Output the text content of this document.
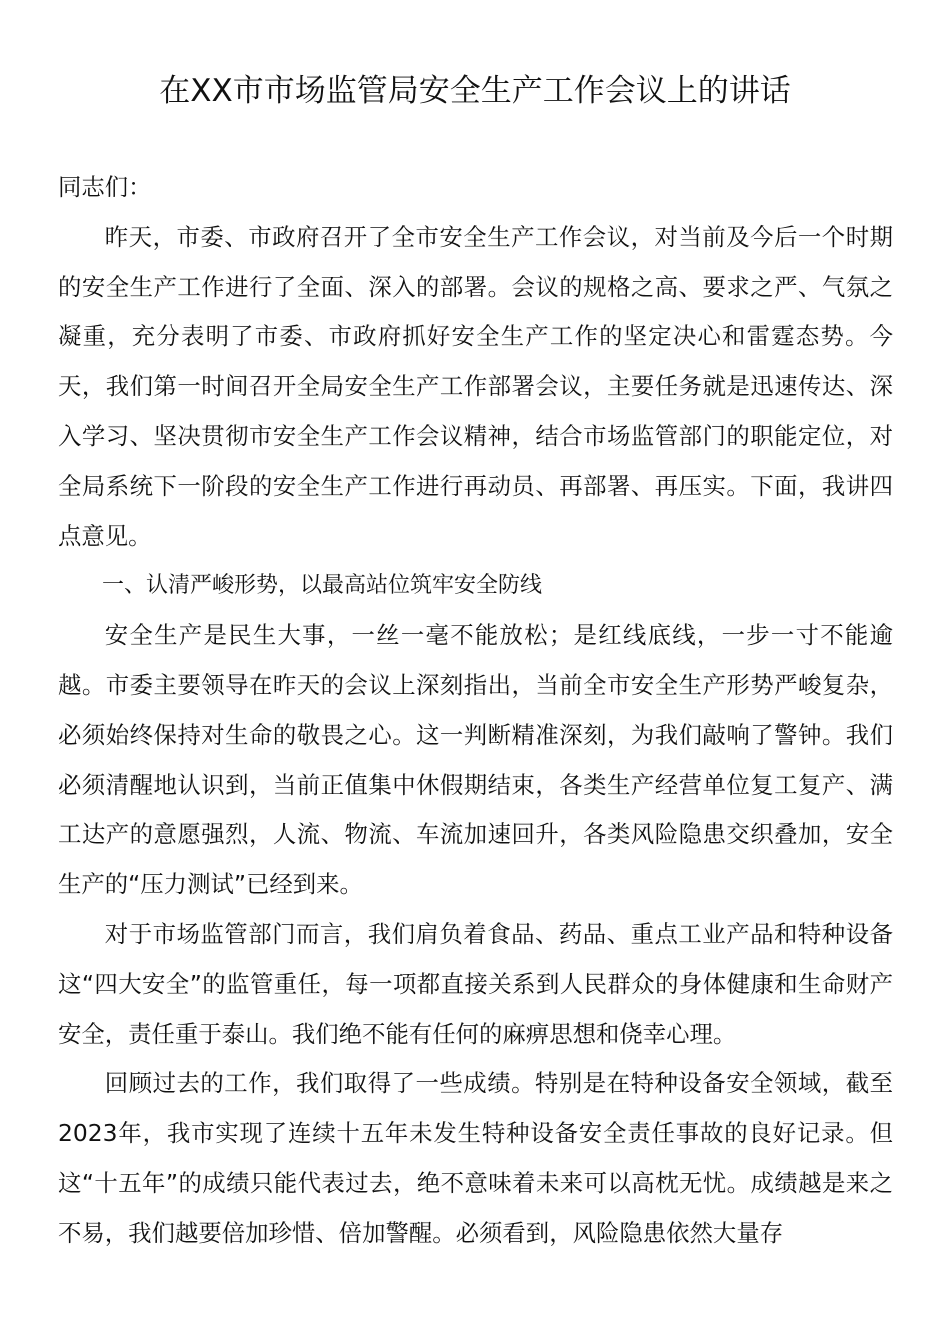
在XX市市场监管局安全生产工作会议上的讲话

同志们：

昨天，市委、市政府召开了全市安全生产工作会议，对当前及今后一个时期的安全生产工作进行了全面、深入的部署。会议的规格之高、要求之严、气氛之凝重，充分表明了市委、市政府抓好安全生产工作的坚定决心和雷霆态势。今天，我们第一时间召开全局安全生产工作部署会议，主要任务就是迅速传达、深入学习、坚决贯彻市安全生产工作会议精神，结合市场监管部门的职能定位，对全局系统下一阶段的安全生产工作进行再动员、再部署、再压实。下面，我讲四点意见。

一、认清严峻形势，以最高站位筑牢安全防线

安全生产是民生大事，一丝一毫不能放松；是红线底线，一步一寸不能逾越。市委主要领导在昨天的会议上深刻指出，当前全市安全生产形势严峻复杂，必须始终保持对生命的敬畏之心。这一判断精准深刻，为我们敲响了警钟。我们必须清醒地认识到，当前正值集中休假期结束，各类生产经营单位复工复产、满工达产的意愿强烈，人流、物流、车流加速回升，各类风险隐患交织叠加，安全生产的“压力测试”已经到来。

对于市场监管部门而言，我们肩负着食品、药品、重点工业产品和特种设备这“四大安全”的监管重任，每一项都直接关系到人民群众的身体健康和生命财产安全，责任重于泰山。我们绝不能有任何的麻痹思想和侥幸心理。

回顾过去的工作，我们取得了一些成绩。特别是在特种设备安全领域，截至2023年，我市实现了连续十五年未发生特种设备安全责任事故的良好记录。但这“十五年”的成绩只能代表过去，绝不意味着未来可以高枕无忧。成绩越是来之不易，我们越要倍加珍惜、倍加警醒。必须看到，风险隐患依然大量存
